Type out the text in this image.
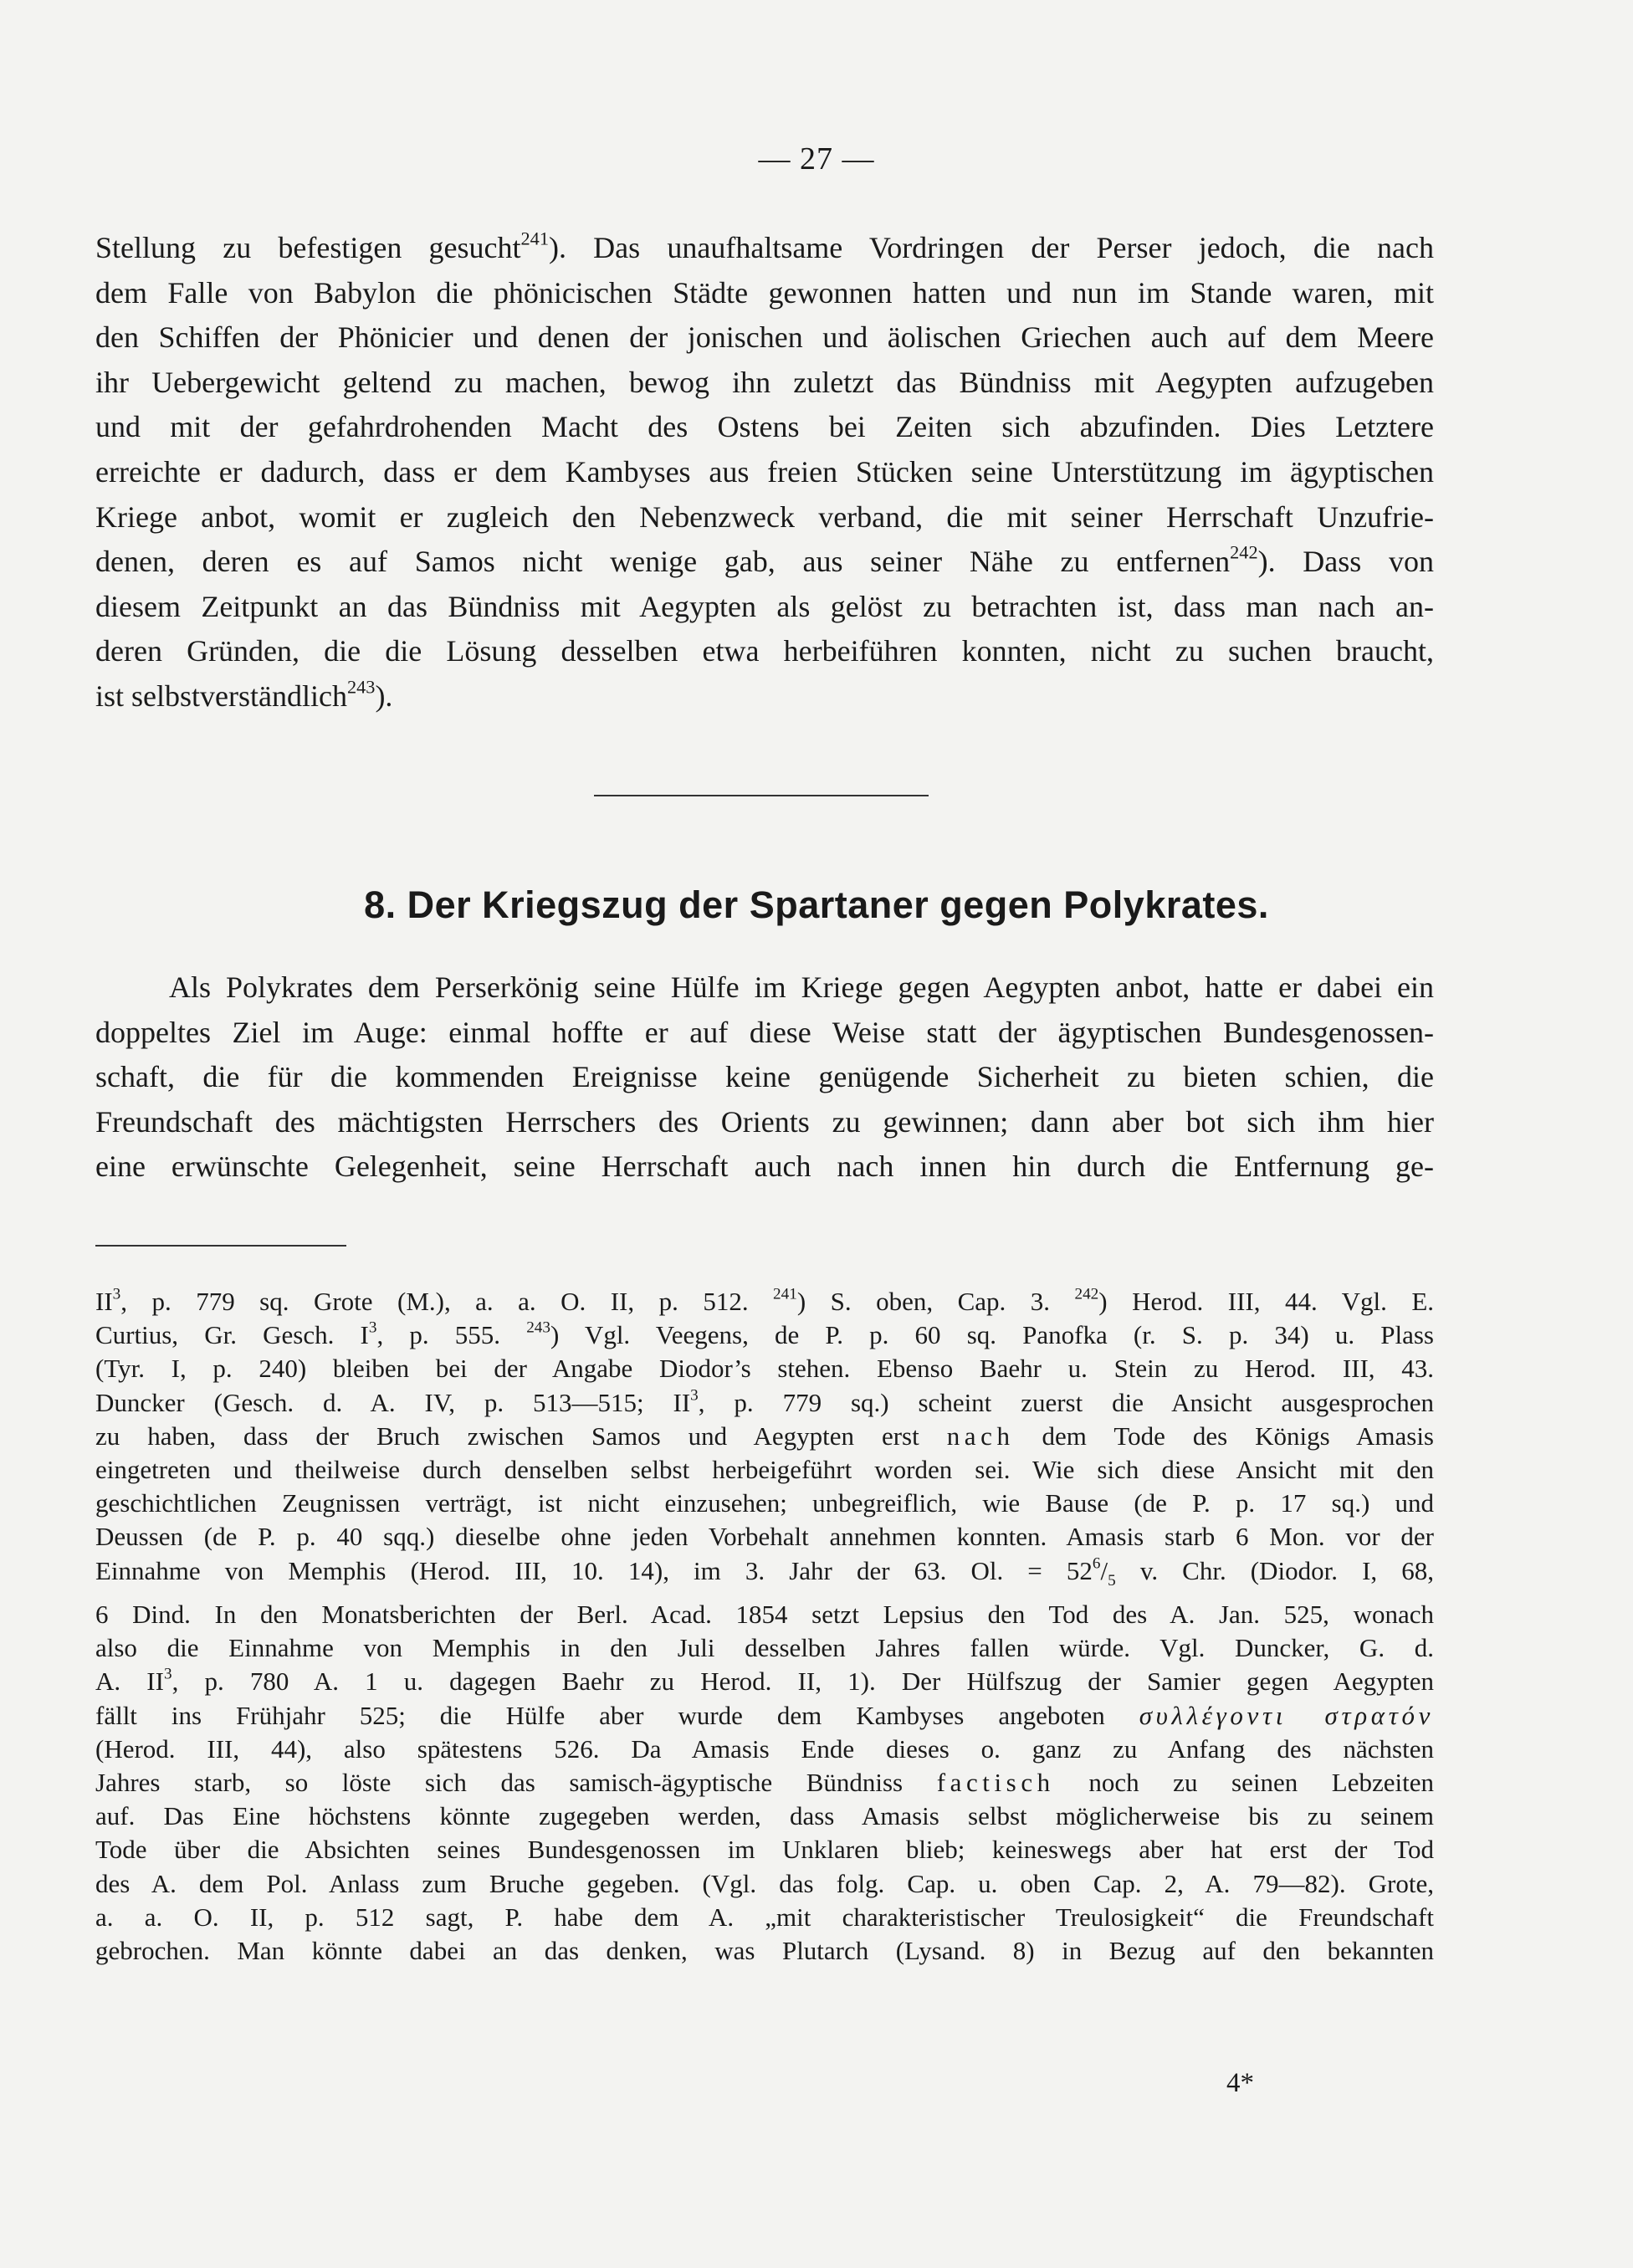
— 27 —
Stellung zu befestigen gesucht$^{241}$). Das unaufhaltsame Vordringen der Perser jedoch, die nach
dem Falle von Babylon die phönicischen Städte gewonnen hatten und nun im Stande waren, mit
den Schiffen der Phönicier und denen der jonischen und äolischen Griechen auch auf dem Meere
ihr Uebergewicht geltend zu machen, bewog ihn zuletzt das Bündniss mit Aegypten aufzugeben
und mit der gefahrdrohenden Macht des Ostens bei Zeiten sich abzufinden. Dies Letztere
erreichte er dadurch, dass er dem Kambyses aus freien Stücken seine Unterstützung im ägyptischen
Kriege anbot, womit er zugleich den Nebenzweck verband, die mit seiner Herrschaft Unzufrie-
denen, deren es auf Samos nicht wenige gab, aus seiner Nähe zu entfernen$^{242}$). Dass von
diesem Zeitpunkt an das Bündniss mit Aegypten als gelöst zu betrachten ist, dass man nach an-
deren Gründen, die die Lösung desselben etwa herbeiführen konnten, nicht zu suchen braucht,
ist selbstverständlich$^{243}$).
8. Der Kriegszug der Spartaner gegen Polykrates.
Als Polykrates dem Perserkönig seine Hülfe im Kriege gegen Aegypten anbot, hatte er dabei ein
doppeltes Ziel im Auge: einmal hoffte er auf diese Weise statt der ägyptischen Bundesgenossen-
schaft, die für die kommenden Ereignisse keine genügende Sicherheit zu bieten schien, die
Freundschaft des mächtigsten Herrschers des Orients zu gewinnen; dann aber bot sich ihm hier
eine erwünschte Gelegenheit, seine Herrschaft auch nach innen hin durch die Entfernung ge-
$II^3$, p. 779 sq. Grote (M.), a. a. O. II, p. 512. $^{241}$) S. oben, Cap. 3. $^{242}$) Herod. III, 44. Vgl. E.
Curtius, Gr. Gesch. $I^3$, p. 555. $^{243}$) Vgl. Veegens, de P. p. 60 sq. Panofka (r. S. p. 34) u. Plass
(Tyr. I, p. 240) bleiben bei der Angabe Diodor’s stehen. Ebenso Baehr u. Stein zu Herod. III, 43.
Duncker (Gesch. d. A. IV, p. 513—515; $II^3$, p. 779 sq.) scheint zuerst die Ansicht ausgesprochen
zu haben, dass der Bruch zwischen Samos und Aegypten erst nach dem Tode des Königs Amasis
eingetreten und theilweise durch denselben selbst herbeigeführt worden sei. Wie sich diese Ansicht mit den
geschichtlichen Zeugnissen verträgt, ist nicht einzusehen; unbegreiflich, wie Bause (de P. p. 17 sq.) und
Deussen (de P. p. 40 sqq.) dieselbe ohne jeden Vorbehalt annehmen konnten. Amasis starb 6 Mon. vor der
Einnahme von Memphis (Herod. III, 10. 14), im 3. Jahr der 63. Ol. = $52^6/_5$ v. Chr. (Diodor. I, 68,
6 Dind. In den Monatsberichten der Berl. Acad. 1854 setzt Lepsius den Tod des A. Jan. 525, wonach
also die Einnahme von Memphis in den Juli desselben Jahres fallen würde. Vgl. Duncker, G. d.
A. $II^3$, p. 780 A. 1 u. dagegen Baehr zu Herod. II, 1). Der Hülfszug der Samier gegen Aegypten
fällt ins Frühjahr 525; die Hülfe aber wurde dem Kambyses angeboten συλλέγοντι στρατόν
(Herod. III, 44), also spätestens 526. Da Amasis Ende dieses o. ganz zu Anfang des nächsten
Jahres starb, so löste sich das samisch-ägyptische Bündniss factisch noch zu seinen Lebzeiten
auf. Das Eine höchstens könnte zugegeben werden, dass Amasis selbst möglicherweise bis zu seinem
Tode über die Absichten seines Bundesgenossen im Unklaren blieb; keineswegs aber hat erst der Tod
des A. dem Pol. Anlass zum Bruche gegeben. (Vgl. das folg. Cap. u. oben Cap. 2, A. 79—82). Grote,
a. a. O. II, p. 512 sagt, P. habe dem A. „mit charakteristischer Treulosigkeit“ die Freundschaft
gebrochen. Man könnte dabei an das denken, was Plutarch (Lysand. 8) in Bezug auf den bekannten
4*
